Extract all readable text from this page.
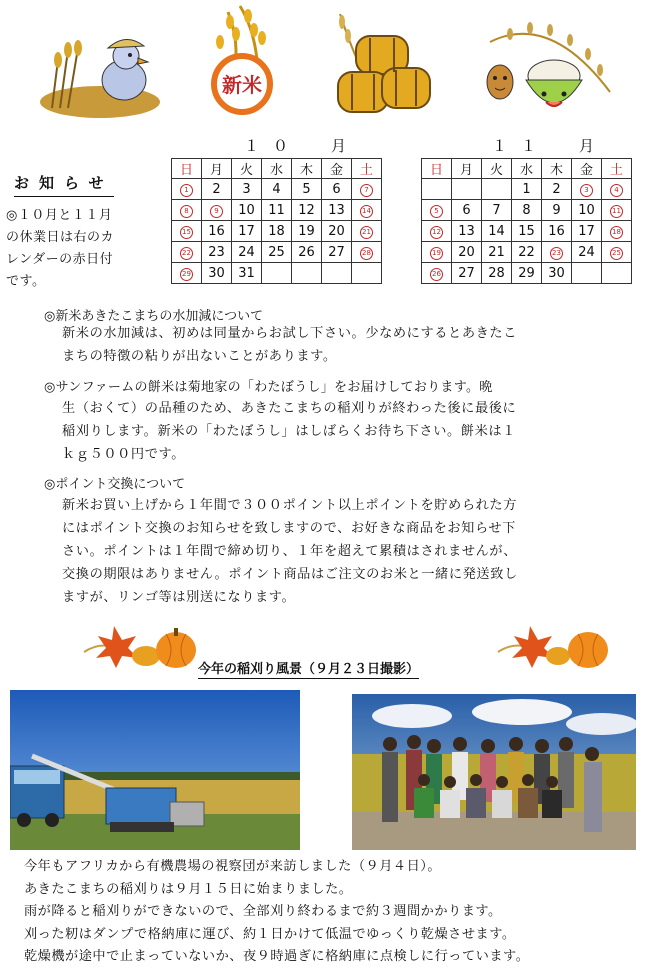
新米
１０　月
日	月	火	水	木	金	土
1	2	3	4	5	6	7
8	9	10	11	12	13	14
15	16	17	18	19	20	21
22	23	24	25	26	27	28
29	30	31				
１１　月
日	月	火	水	木	金	土
			1	2	3	4
5	6	7	8	9	10	11
12	13	14	15	16	17	18
19	20	21	22	23	24	25
26	27	28	29	30		
お知らせ
◎１０月と１１月
の休業日は右のカ
レンダーの赤日付
です。
◎新米あきたこまちの水加減について
新米の水加減は、初めは同量からお試し下さい。少なめにするとあきたこ
まちの特徴の粘りが出ないことがあります。
◎サンファームの餅米は菊地家の「わたぼうし」をお届けしております。晩
生（おくて）の品種のため、あきたこまちの稲刈りが終わった後に最後に
稲刈りします。新米の「わたぼうし」はしばらくお待ち下さい。餅米は１
ｋｇ５００円です。
◎ポイント交換について
新米お買い上げから１年間で３００ポイント以上ポイントを貯められた方
にはポイント交換のお知らせを致しますので、お好きな商品をお知らせ下
さい。ポイントは１年間で締め切り、１年を超えて累積はされませんが、
交換の期限はありません。ポイント商品はご注文のお米と一緒に発送致し
ますが、リンゴ等は別送になります。
今年の稲刈り風景（９月２３日撮影）
今年もアフリカから有機農場の視察団が来訪しました（９月４日）。
あきたこまちの稲刈りは９月１５日に始まりました。
雨が降ると稲刈りができないので、全部刈り終わるまで約３週間かかります。
刈った籾はダンプで格納庫に運び、約１日かけて低温でゆっくり乾燥させます。
乾燥機が途中で止まっていないか、夜９時過ぎに格納庫に点検しに行っています。
